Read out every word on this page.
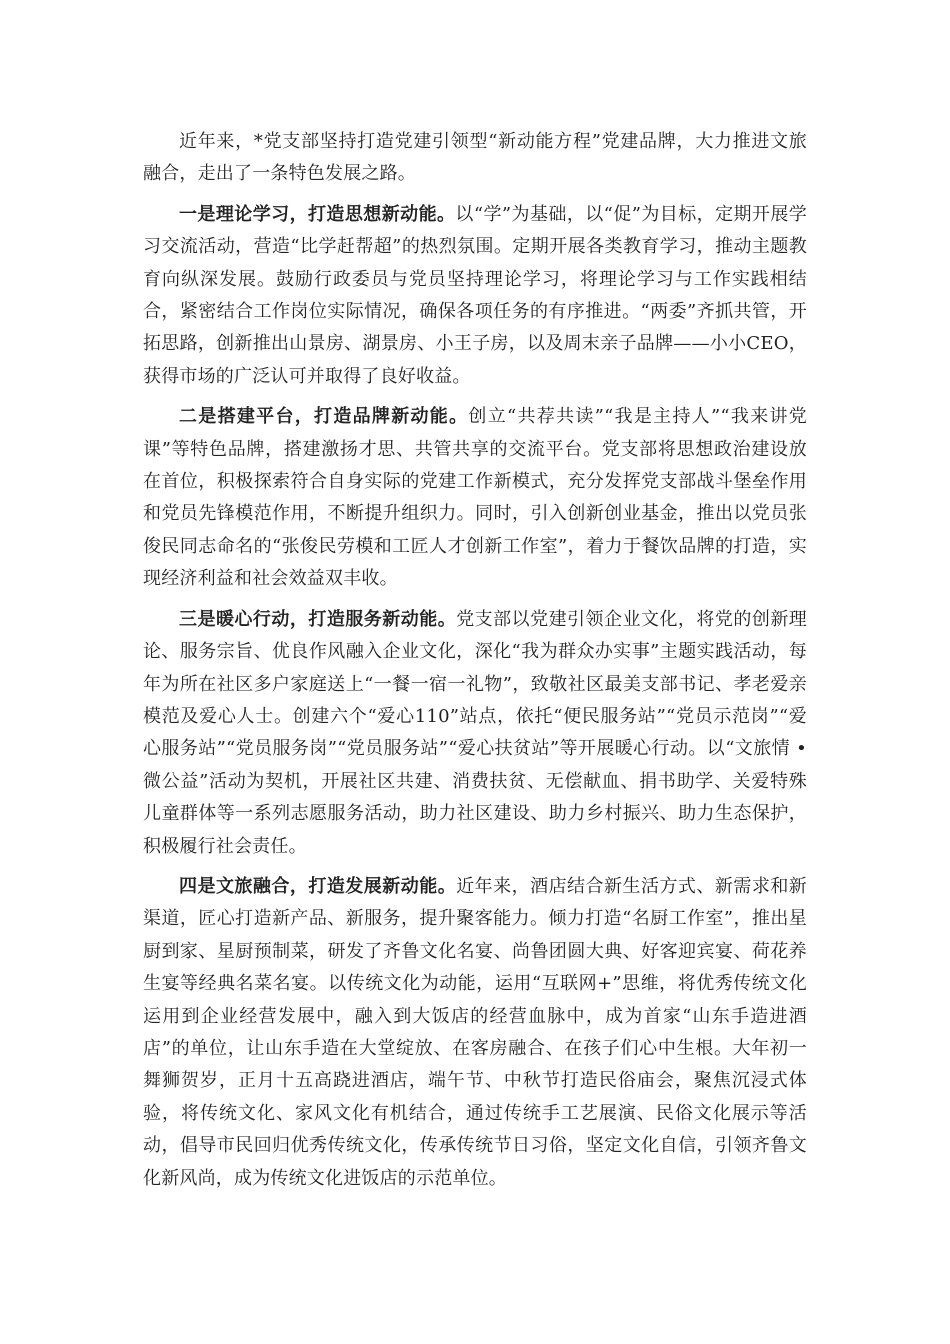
近年来，*党支部坚持打造党建引领型“新动能方程”党建品牌，大力推进文旅融合，走出了一条特色发展之路。

一是理论学习，打造思想新动能。以“学”为基础，以“促”为目标，定期开展学习交流活动，营造“比学赶帮超”的热烈氛围。定期开展各类教育学习，推动主题教育向纵深发展。鼓励行政委员与党员坚持理论学习，将理论学习与工作实践相结合，紧密结合工作岗位实际情况，确保各项任务的有序推进。“两委”齐抓共管，开拓思路，创新推出山景房、湖景房、小王子房，以及周末亲子品牌——小小CEO，获得市场的广泛认可并取得了良好收益。

二是搭建平台，打造品牌新动能。创立“共荐共读”“我是主持人”“我来讲党课”等特色品牌，搭建激扬才思、共管共享的交流平台。党支部将思想政治建设放在首位，积极探索符合自身实际的党建工作新模式，充分发挥党支部战斗堡垒作用和党员先锋模范作用，不断提升组织力。同时，引入创新创业基金，推出以党员张俊民同志命名的“张俊民劳模和工匠人才创新工作室”，着力于餐饮品牌的打造，实现经济利益和社会效益双丰收。

三是暖心行动，打造服务新动能。党支部以党建引领企业文化，将党的创新理论、服务宗旨、优良作风融入企业文化，深化“我为群众办实事”主题实践活动，每年为所在社区多户家庭送上“一餐一宿一礼物”，致敬社区最美支部书记、孝老爱亲模范及爱心人士。创建六个“爱心110”站点，依托“便民服务站”“党员示范岗”“爱心服务站”“党员服务岗”“党员服务站”“爱心扶贫站”等开展暖心行动。以“文旅情 • 微公益”活动为契机，开展社区共建、消费扶贫、无偿献血、捐书助学、关爱特殊儿童群体等一系列志愿服务活动，助力社区建设、助力乡村振兴、助力生态保护，积极履行社会责任。

四是文旅融合，打造发展新动能。近年来，酒店结合新生活方式、新需求和新渠道，匠心打造新产品、新服务，提升聚客能力。倾力打造“名厨工作室”，推出星厨到家、星厨预制菜，研发了齐鲁文化名宴、尚鲁团圆大典、好客迎宾宴、荷花养生宴等经典名菜名宴。以传统文化为动能，运用“互联网+”思维，将优秀传统文化运用到企业经营发展中，融入到大饭店的经营血脉中，成为首家“山东手造进酒店”的单位，让山东手造在大堂绽放、在客房融合、在孩子们心中生根。大年初一舞狮贺岁，正月十五高跷进酒店，端午节、中秋节打造民俗庙会，聚焦沉浸式体验，将传统文化、家风文化有机结合，通过传统手工艺展演、民俗文化展示等活动，倡导市民回归优秀传统文化，传承传统节日习俗，坚定文化自信，引领齐鲁文化新风尚，成为传统文化进饭店的示范单位。
